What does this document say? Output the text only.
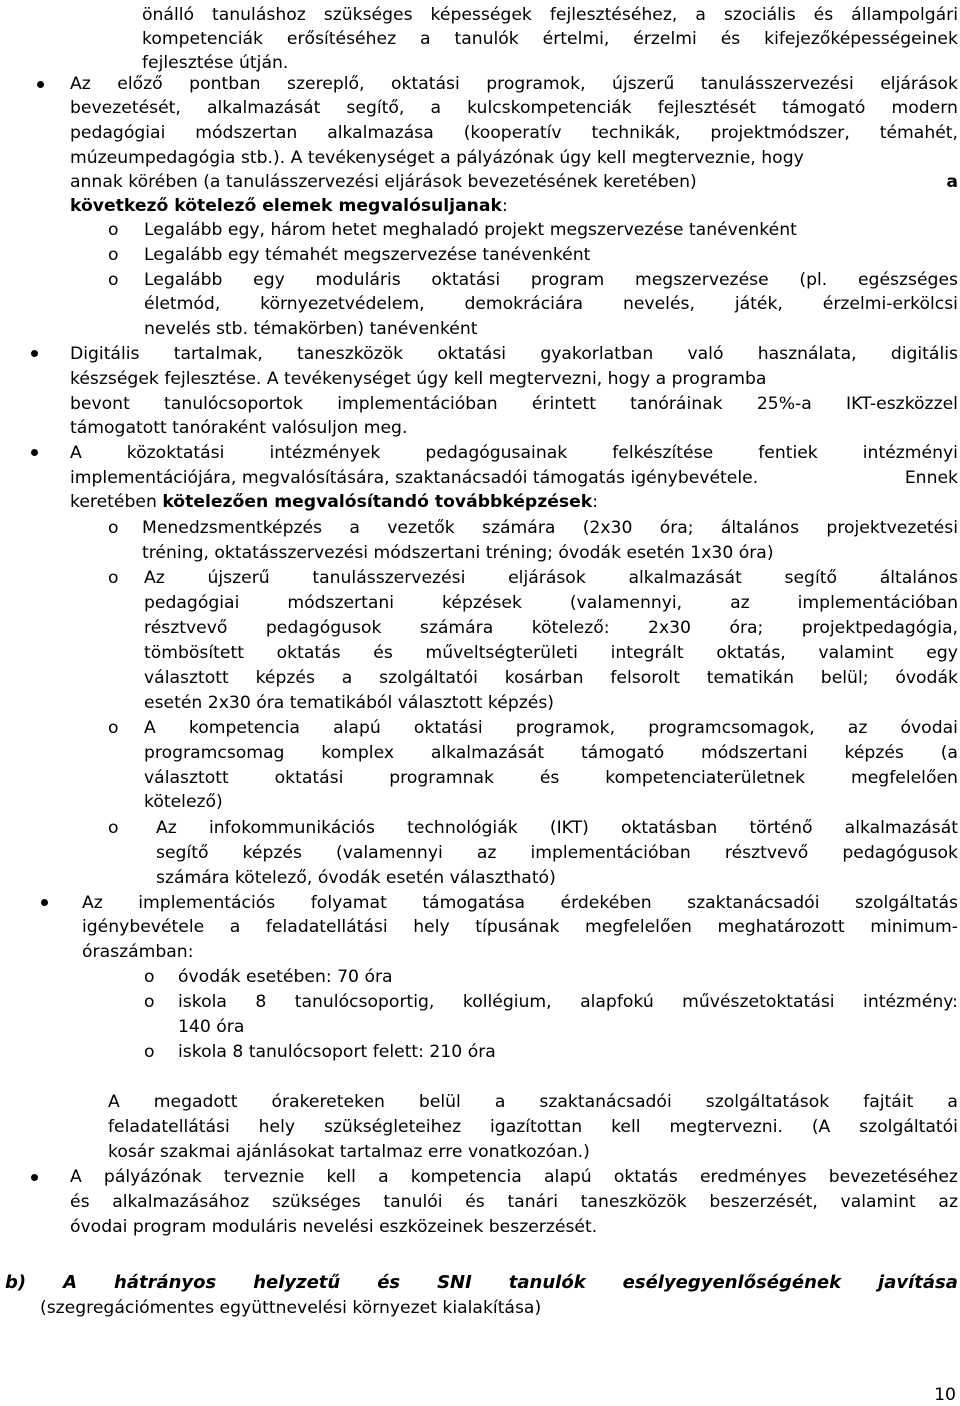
önálló tanuláshoz szükséges képességek fejlesztéséhez, a szociális és állampolgári
kompetenciák erősítéséhez a tanulók értelmi, érzelmi és kifejezőképességeinek
fejlesztése útján.
Az előző pontban szereplő, oktatási programok, újszerű tanulásszervezési eljárások
bevezetését, alkalmazását segítő, a kulcskompetenciák fejlesztését támogató modern
pedagógiai módszertan alkalmazása (kooperatív technikák, projektmódszer, témahét,
múzeumpedagógia stb.). A tevékenységet a pályázónak úgy kell megterveznie, hogy
annak körében (a tanulásszervezési eljárások bevezetésének keretében)	a
következő kötelező elemek megvalósuljanak:
o Legalább egy, három hetet meghaladó projekt megszervezése tanévenként
o Legalább egy témahét megszervezése tanévenként
o Legalább egy moduláris oktatási program megszervezése (pl. egészséges
életmód, környezetvédelem, demokráciára nevelés, játék, érzelmi-erkölcsi
nevelés stb. témakörben) tanévenként
Digitális tartalmak, taneszközök oktatási gyakorlatban való használata, digitális
készségek fejlesztése. A tevékenységet úgy kell megtervezni, hogy a programba
bevont tanulócsoportok implementációban érintett tanóráinak 25%-a IKT-eszközzel
támogatott tanóraként valósuljon meg.
A	közoktatási	intézmények	pedagógusainak	felkészítése	fentiek	intézményi
implementációjára, megvalósítására, szaktanácsadói támogatás igénybevétele.	Ennek
keretében kötelezően megvalósítandó továbbképzések:
o Menedzsmentképzés a vezetők számára (2x30 óra; általános projektvezetési
tréning, oktatásszervezési módszertani tréning; óvodák esetén 1x30 óra)
o Az újszerű tanulásszervezési eljárások alkalmazását segítő általános
pedagógiai	módszertani	képzések	(valamennyi,	az	implementációban
résztvevő pedagógusok számára kötelező: 2x30 óra; projektpedagógia,
tömbösített oktatás és műveltségterületi integrált oktatás, valamint egy
választott képzés a szolgáltatói kosárban felsorolt tematikán belül; óvodák
esetén 2x30 óra tematikából választott képzés)
o A kompetencia alapú oktatási programok, programcsomagok, az óvodai
programcsomag komplex alkalmazását támogató módszertani képzés (a
választott	oktatási	programnak	és	kompetenciaterületnek	megfelelően
kötelező)
o Az infokommunikációs technológiák (IKT) oktatásban történő alkalmazását
segítő képzés (valamennyi az implementációban résztvevő pedagógusok
számára kötelező, óvodák esetén választható)
Az implementációs folyamat támogatása érdekében szaktanácsadói szolgáltatás
igénybevétele a feladatellátási hely típusának megfelelően meghatározott minimum-
óraszámban:
o óvodák esetében: 70 óra
o iskola 8 tanulócsoportig, kollégium, alapfokú művészetoktatási intézmény:
140 óra
o iskola 8 tanulócsoport felett: 210 óra
A megadott órakereteken belül a szaktanácsadói szolgáltatások fajtáit a
feladatellátási hely szükségleteihez igazítottan kell megtervezni. (A szolgáltatói
kosár szakmai ajánlásokat tartalmaz erre vonatkozóan.)
A pályázónak terveznie kell a kompetencia alapú oktatás eredményes bevezetéséhez
és alkalmazásához szükséges tanulói és tanári taneszközök beszerzését, valamint az
óvodai program moduláris nevelési eszközeinek beszerzését.
b) A hátrányos helyzetű és SNI tanulók esélyegyenlőségének javítása
(szegregációmentes együttnevelési környezet kialakítása)
10
